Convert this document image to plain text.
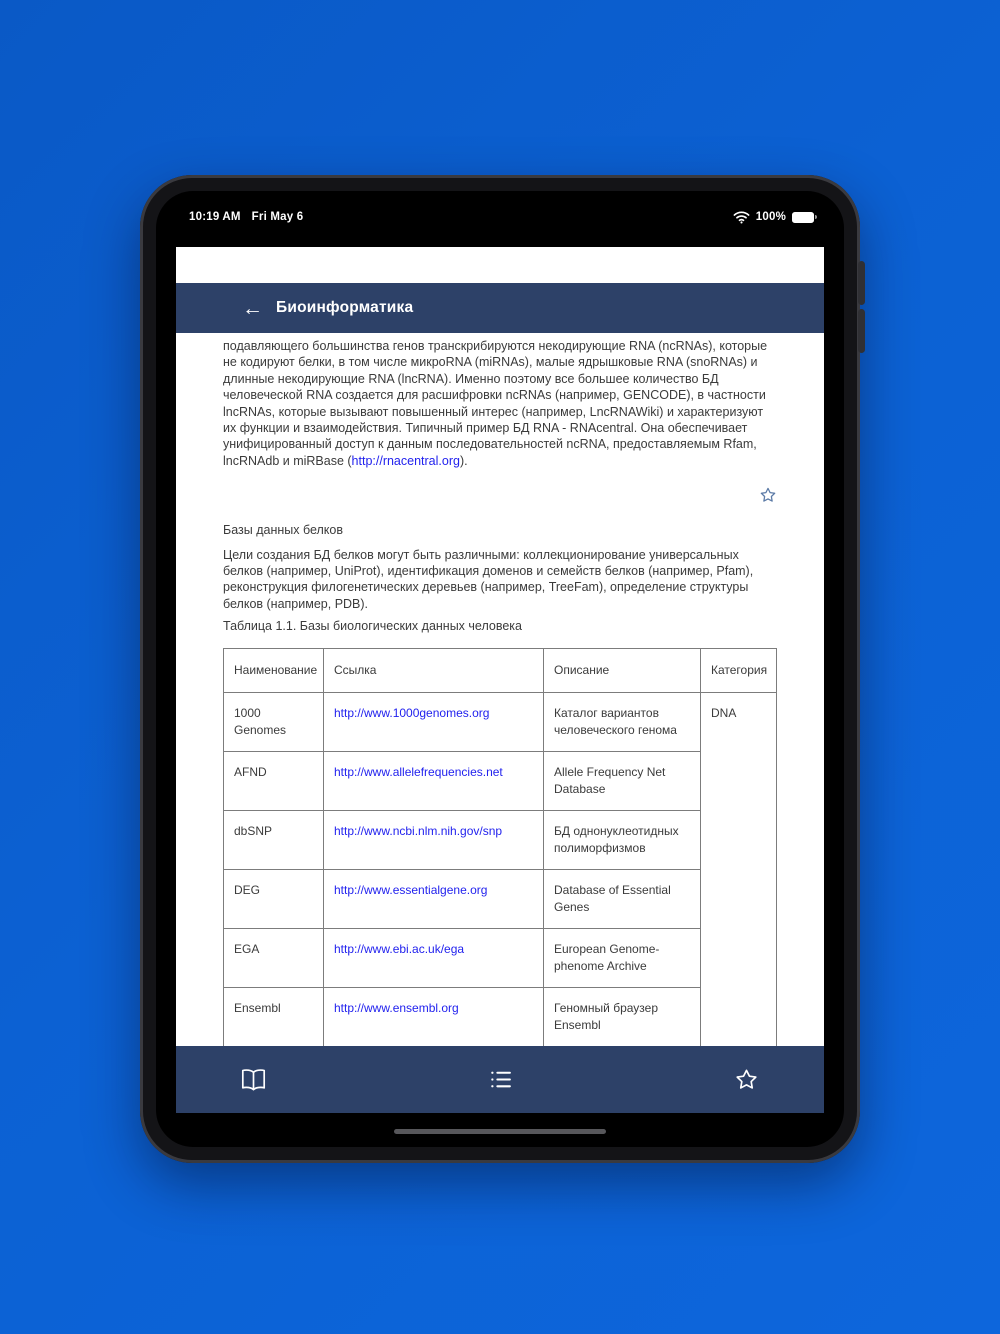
10:19 AM Fri May 6	100%
← Биоинформатика

подавляющего большинства генов транскрибируются некодирующие RNA (ncRNAs), которые не кодируют белки, в том числе микроRNA (miRNAs), малые ядрышковые RNA (snoRNAs) и длинные некодирующие RNA (lncRNA). Именно поэтому все большее количество БД человеческой RNA создается для расшифровки ncRNAs (например, GENCODE), в частности lncRNAs, которые вызывают повышенный интерес (например, LncRNAWiki) и характеризуют их функции и взаимодействия. Типичный пример БД RNA - RNAcentral. Она обеспечивает унифицированный доступ к данным последовательностей ncRNA, предоставляемым Rfam, lncRNAdb и miRBase (http://rnacentral.org).

Базы данных белков

Цели создания БД белков могут быть различными: коллекционирование универсальных белков (например, UniProt), идентификация доменов и семейств белков (например, Pfam), реконструкция филогенетических деревьев (например, TreeFam), определение структуры белков (например, PDB).

Таблица 1.1. Базы биологических данных человека

Наименование	Ссылка	Описание	Категория
1000 Genomes	http://www.1000genomes.org	Каталог вариантов человеческого генома	DNA
AFND	http://www.allelefrequencies.net	Allele Frequency Net Database	
dbSNP	http://www.ncbi.nlm.nih.gov/snp	БД однонуклеотидных полиморфизмов	
DEG	http://www.essentialgene.org	Database of Essential Genes	
EGA	http://www.ebi.ac.uk/ega	European Genome-phenome Archive	
Ensembl	http://www.ensembl.org	Геномный браузер Ensembl	
